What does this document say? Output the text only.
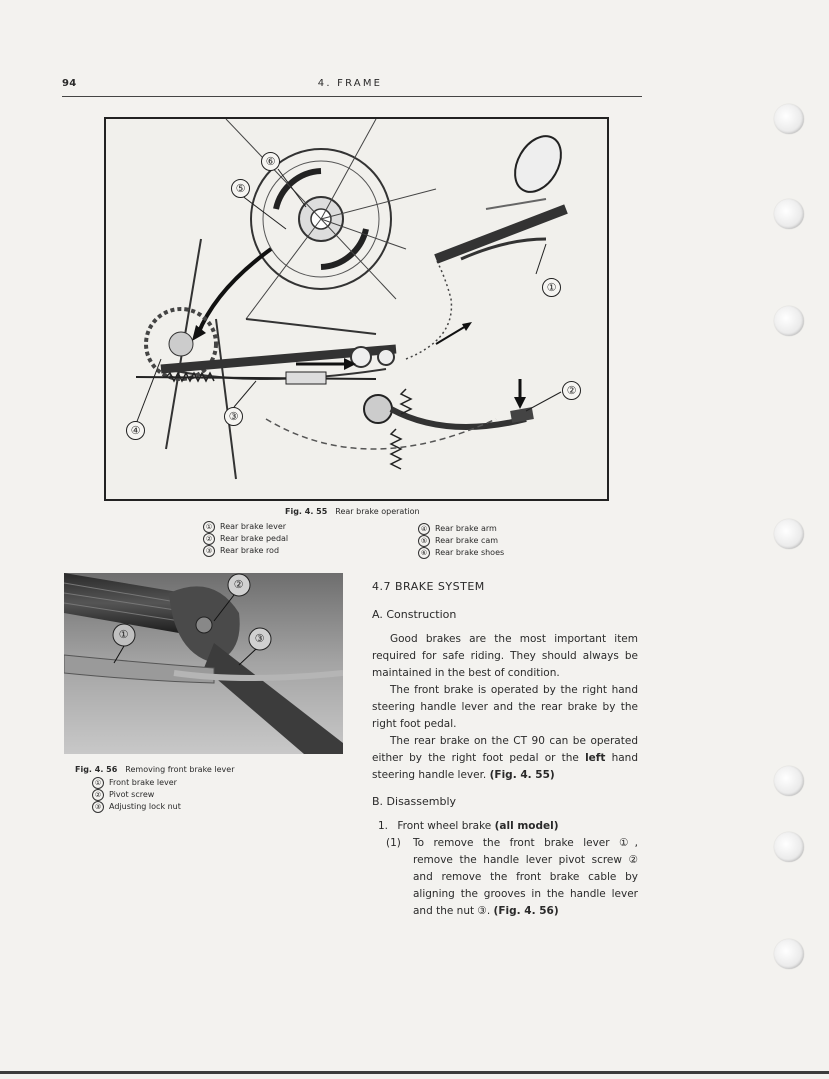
94	4. FRAME
⑥
⑤
①
②
③
④
Fig. 4. 55 Rear brake operation
① Rear brake lever
② Rear brake pedal
③ Rear brake rod
④ Rear brake arm
⑤ Rear brake cam
⑥ Rear brake shoes
①
②
③
Fig. 4. 56 Removing front brake lever
① Front brake lever
② Pivot screw
③ Adjusting lock nut
4.7 BRAKE SYSTEM
A. Construction
Good brakes are the most important item required for safe riding. They should always be maintained in the best of condition.
The front brake is operated by the right hand steering handle lever and the rear brake by the right foot pedal.
The rear brake on the CT 90 can be operated either by the right foot pedal or the left hand steering handle lever. (Fig. 4. 55)
B. Disassembly
1. Front wheel brake (all model)
(1) To remove the front brake lever ①, remove the handle lever pivot screw ② and remove the front brake cable by aligning the grooves in the handle lever and the nut ③. (Fig. 4. 56)
